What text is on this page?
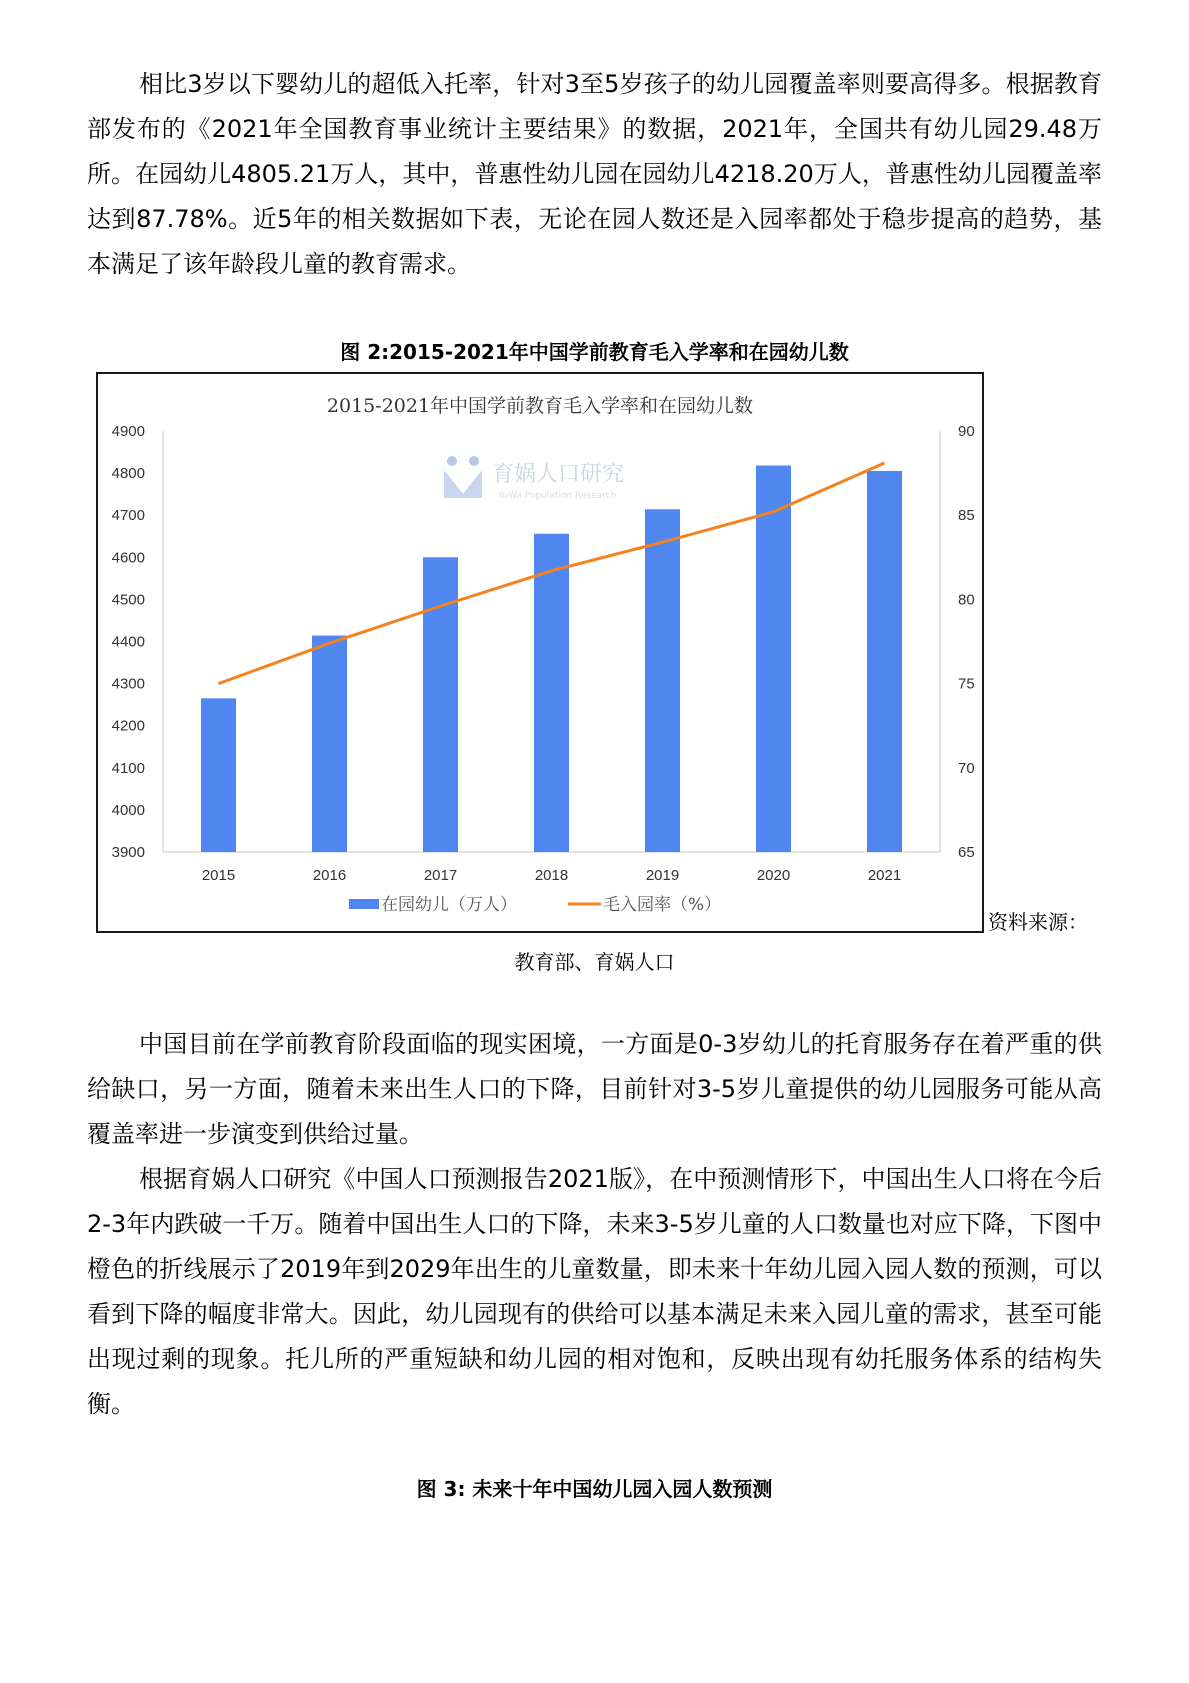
相比3岁以下婴幼儿的超低入托率，针对3至5岁孩子的幼儿园覆盖率则要高得多。根据教育部发布的《2021年全国教育事业统计主要结果》的数据，2021年，全国共有幼儿园29.48万所。在园幼儿4805.21万人，其中，普惠性幼儿园在园幼儿4218.20万人，普惠性幼儿园覆盖率达到87.78%。近5年的相关数据如下表，无论在园人数还是入园率都处于稳步提高的趋势，基本满足了该年龄段儿童的教育需求。

图 2:2015-2021年中国学前教育毛入学率和在园幼儿数

2015-2021年中国学前教育毛入学率和在园幼儿数
育娲人口研究
YuWa Population Research
4900
4800
4700
4600
4500
4400
4300
4200
4100
4000
3900
90
85
80
75
70
65
2015	2016	2017	2018	2019	2020	2021
在园幼儿（万人）	毛入园率（%）

资料来源：

教育部、育娲人口

中国目前在学前教育阶段面临的现实困境，一方面是0-3岁幼儿的托育服务存在着严重的供给缺口，另一方面，随着未来出生人口的下降，目前针对3-5岁儿童提供的幼儿园服务可能从高覆盖率进一步演变到供给过量。

根据育娲人口研究《中国人口预测报告2021版》，在中预测情形下，中国出生人口将在今后2-3年内跌破一千万。随着中国出生人口的下降，未来3-5岁儿童的人口数量也对应下降，下图中橙色的折线展示了2019年到2029年出生的儿童数量，即未来十年幼儿园入园人数的预测，可以看到下降的幅度非常大。因此，幼儿园现有的供给可以基本满足未来入园儿童的需求，甚至可能出现过剩的现象。托儿所的严重短缺和幼儿园的相对饱和，反映出现有幼托服务体系的结构失衡。

图 3: 未来十年中国幼儿园入园人数预测
